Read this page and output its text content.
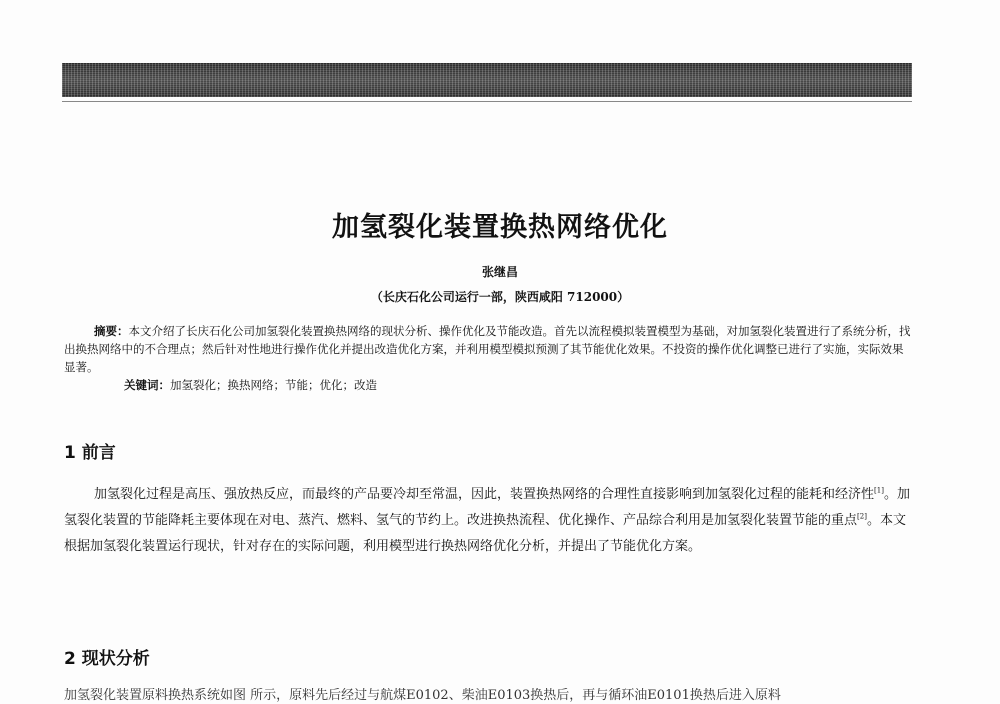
加氢裂化装置换热网络优化
张继昌
（长庆石化公司运行一部，陕西咸阳 712000）

摘要：本文介绍了长庆石化公司加氢裂化装置换热网络的现状分析、操作优化及节能改造。首先以流程模拟装置模型为基础，对加氢裂化装置进行了系统分析，找出换热网络中的不合理点；然后针对性地进行操作优化并提出改造优化方案，并利用模型模拟预测了其节能优化效果。不投资的操作优化调整已进行了实施，实际效果显著。

关键词：加氢裂化；换热网络；节能；优化；改造

1 前言

加氢裂化过程是高压、强放热反应，而最终的产品要冷却至常温，因此，装置换热网络的合理性直接影响到加氢裂化过程的能耗和经济性[1]。加氢裂化装置的节能降耗主要体现在对电、蒸汽、燃料、氢气的节约上。改进换热流程、优化操作、产品综合利用是加氢裂化装置节能的重点[2]。本文根据加氢裂化装置运行现状，针对存在的实际问题，利用模型进行换热网络优化分析，并提出了节能优化方案。

2 现状分析
加氢裂化装置原料换热系统如图 所示，原料先后经过与航煤E0102、柴油E0103换热后，再与循环油E0101换热后进入原料
